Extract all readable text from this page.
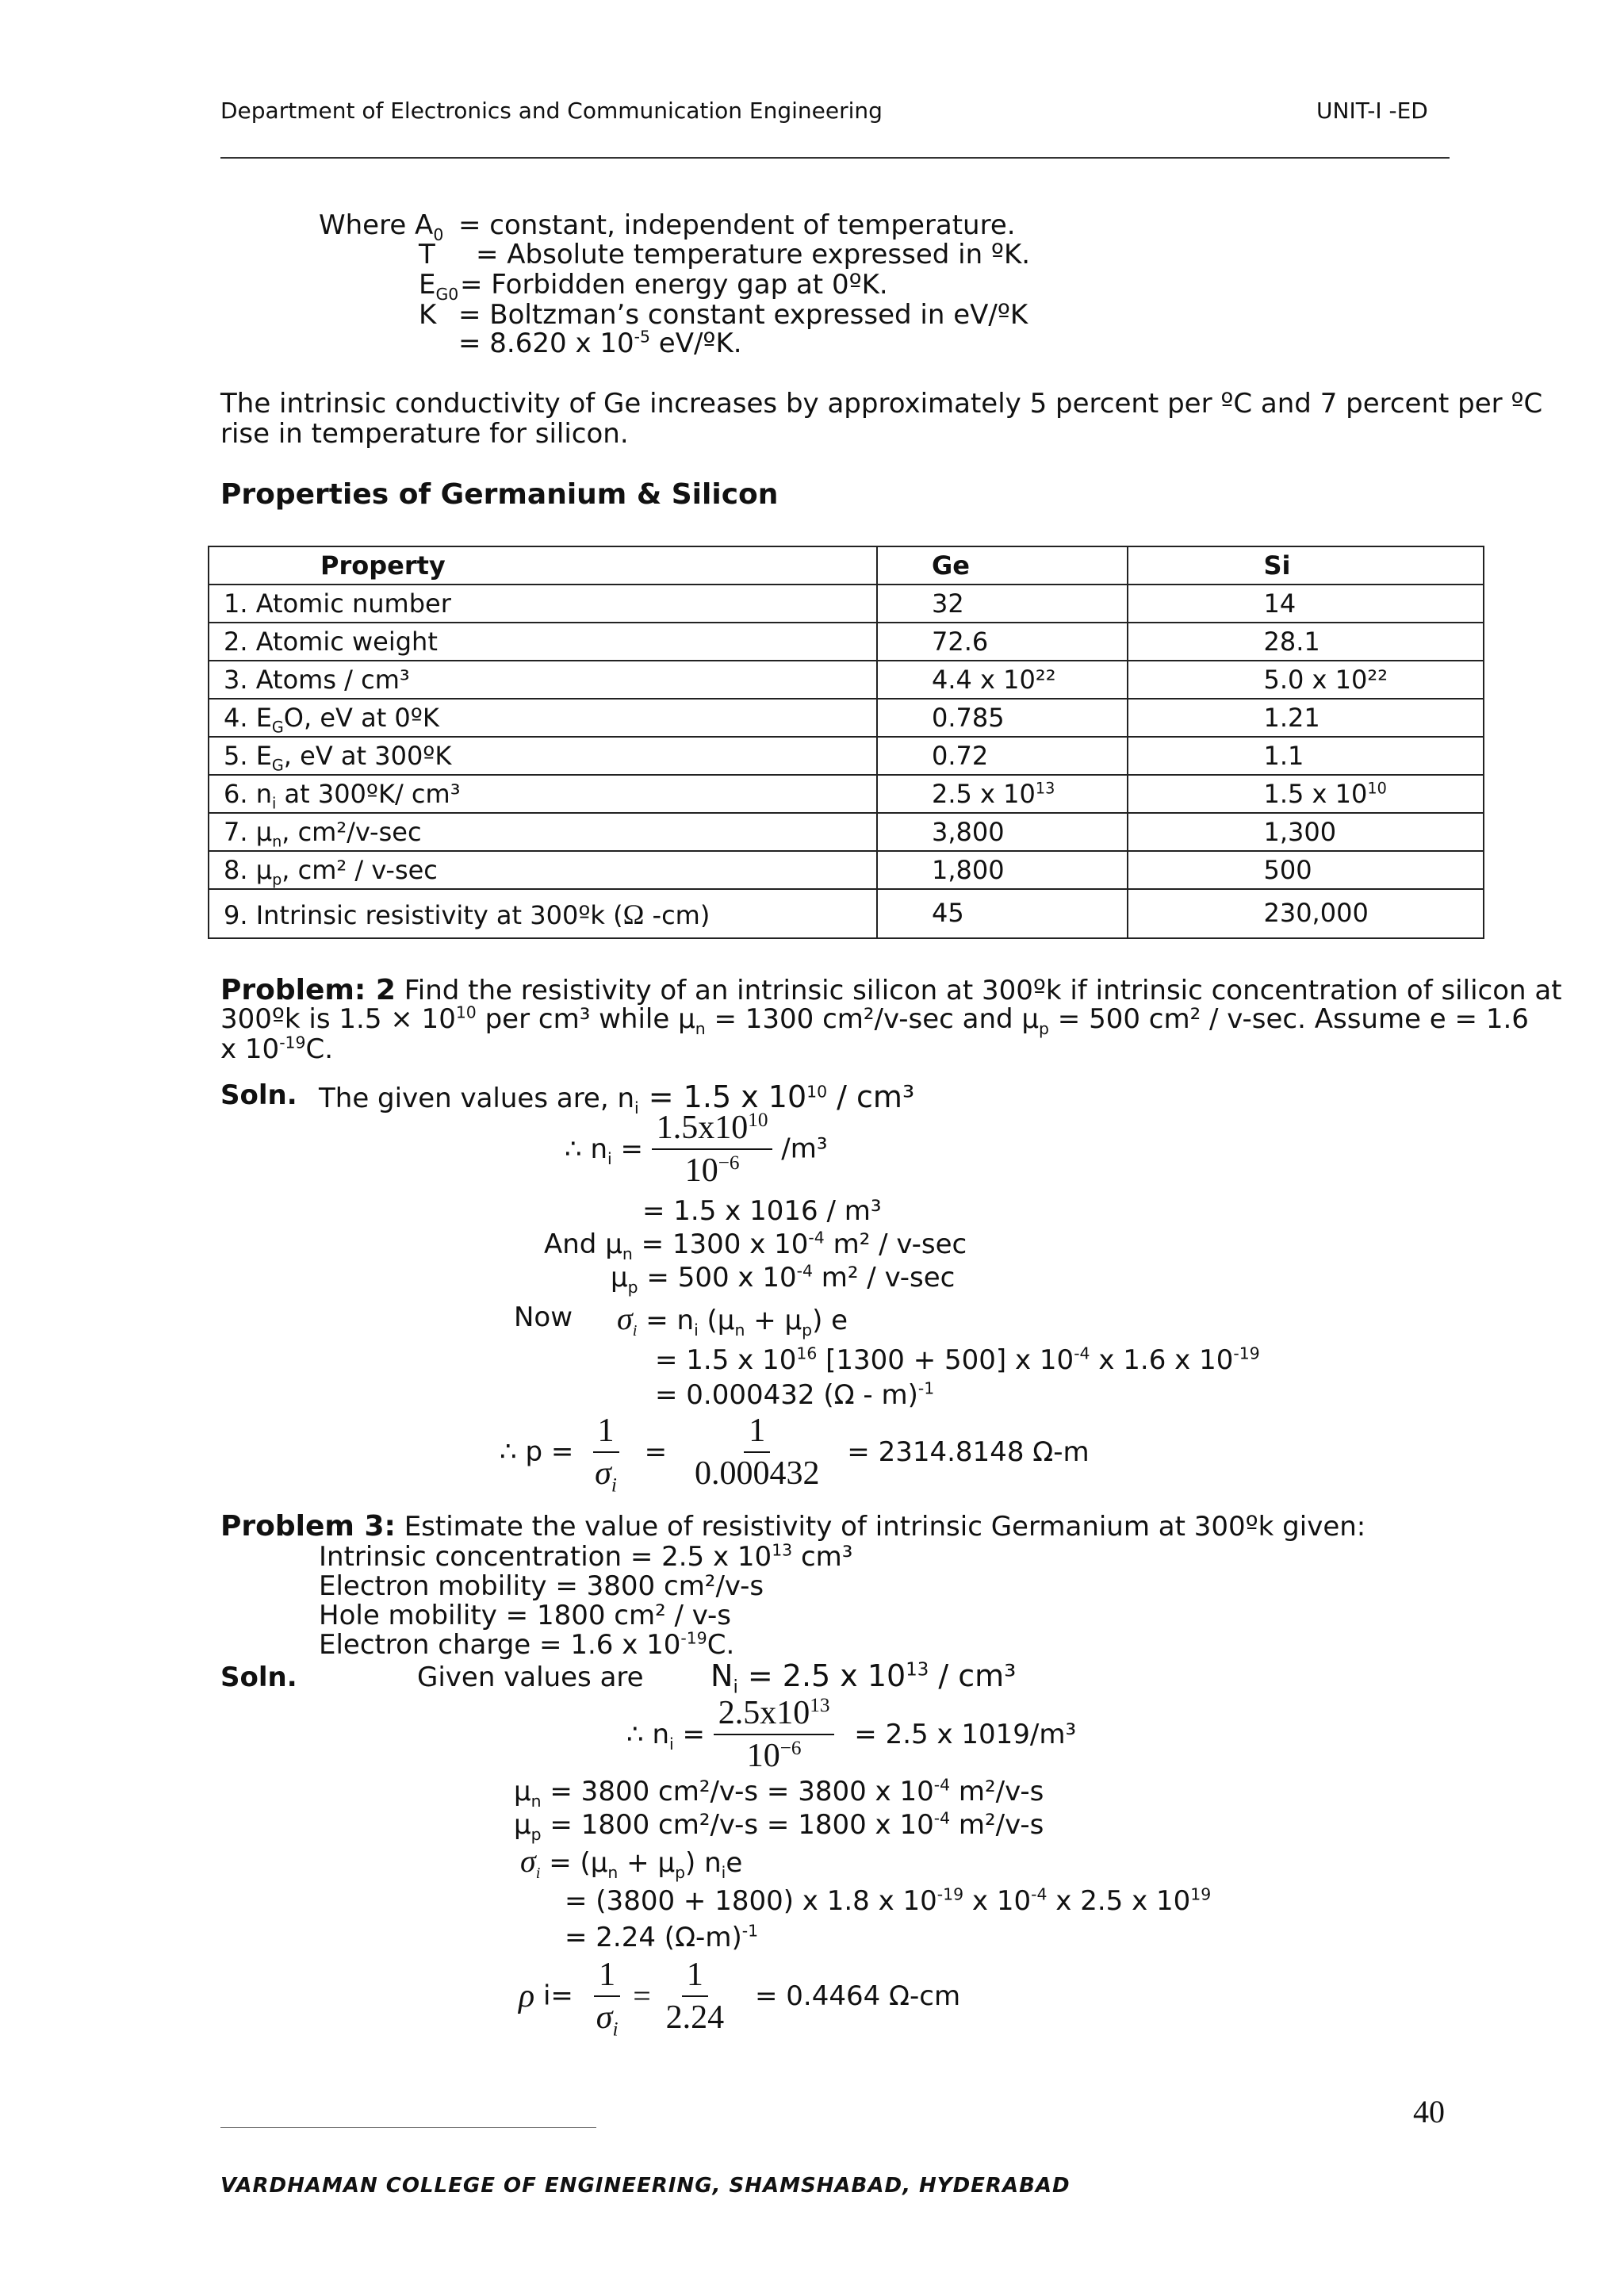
Department of Electronics and Communication Engineering	UNIT-I -ED
Where $A_0$ = constant, independent of temperature.
T = Absolute temperature expressed in ºK.
$E_{G0}$ = Forbidden energy gap at 0ºK.
K = Boltzman’s constant expressed in eV/ºK
= 8.620 x $10^{-5}$ eV/ºK.
The intrinsic conductivity of Ge increases by approximately 5 percent per ºC and 7 percent per ºC
rise in temperature for silicon.
Properties of Germanium & Silicon
Property	Ge	Si
1. Atomic number	32	14
2. Atomic weight	72.6	28.1
3. Atoms / cm³	4.4 x 10²²	5.0 x 10²²
4. $E_GO$, eV at 0ºK	0.785	1.21
5. $E_G$, eV at 300ºK	0.72	1.1
6. $n_i$ at 300ºK/ cm³	2.5 x $10^{13}$	1.5 x $10^{10}$
7. $\mu_n$, cm²/v-sec	3,800	1,300
8. $\mu_p$, cm² / v-sec	1,800	500
9. Intrinsic resistivity at 300ºk (Ω -cm)	45	230,000
Problem: 2 Find the resistivity of an intrinsic silicon at 300ºk if intrinsic concentration of silicon at
300ºk is $1.5 \times 10^{10}$ per cm³ while $\mu_n = 1300$ cm²/v-sec and $\mu_p = 500$ cm² / v-sec. Assume e = 1.6
x $10^{-19}C$.
Soln. The given values are, $n_i = 1.5$ x $10^{10} / cm^3$
∴ $n_i = \frac{1.5x10^{10}}{10^{-6}} /m^3$
= 1.5 x 1016 / m³
And $\mu_n = 1300$ x $10^{-4}$ m² / v-sec
$\mu_p = 500$ x $10^{-4}$ m² / v-sec
Now $\sigma_i = n_i$ $(\mu_n + \mu_p)$ e
= 1.5 x $10^{16}$ [1300 + 500] x $10^{-4}$ x 1.6 x $10^{-19}$
= 0.000432 (Ω - m)$^{-1}$
∴ $p = \frac{1}{\sigma_i} = \frac{1}{0.000432} = 2314.8148$ Ω-m
Problem 3: Estimate the value of resistivity of intrinsic Germanium at 300ºk given:
Intrinsic concentration = 2.5 x $10^{13}$ cm³
Electron mobility = 3800 cm²/v-s
Hole mobility = 1800 cm² / v-s
Electron charge = 1.6 x $10^{-19}C$.
Soln.	Given values are $N_i = 2.5$ x $10^{13} / cm^3$
∴ $n_i = \frac{2.5x10^{13}}{10^{-6}} = 2.5$ x 1019/m³
$\mu_n = 3800$ cm²/v-s = 3800 x $10^{-4}$ m²/v-s
$\mu_p = 1800$ cm²/v-s = 1800 x $10^{-4}$ m²/v-s
$\sigma_i = (\mu_n + \mu_p)$ $n_ie$
= (3800 + 1800) x 1.8 x $10^{-19}$ x $10^{-4}$ x 2.5 x $10^{19}$
= 2.24 $(\Omega-m)^{-1}$
ρ $i= \frac{1}{\sigma_i} = \frac{1}{2.24} = 0.4464$ Ω-cm
40
VARDHAMAN COLLEGE OF ENGINEERING, SHAMSHABAD, HYDERABAD
